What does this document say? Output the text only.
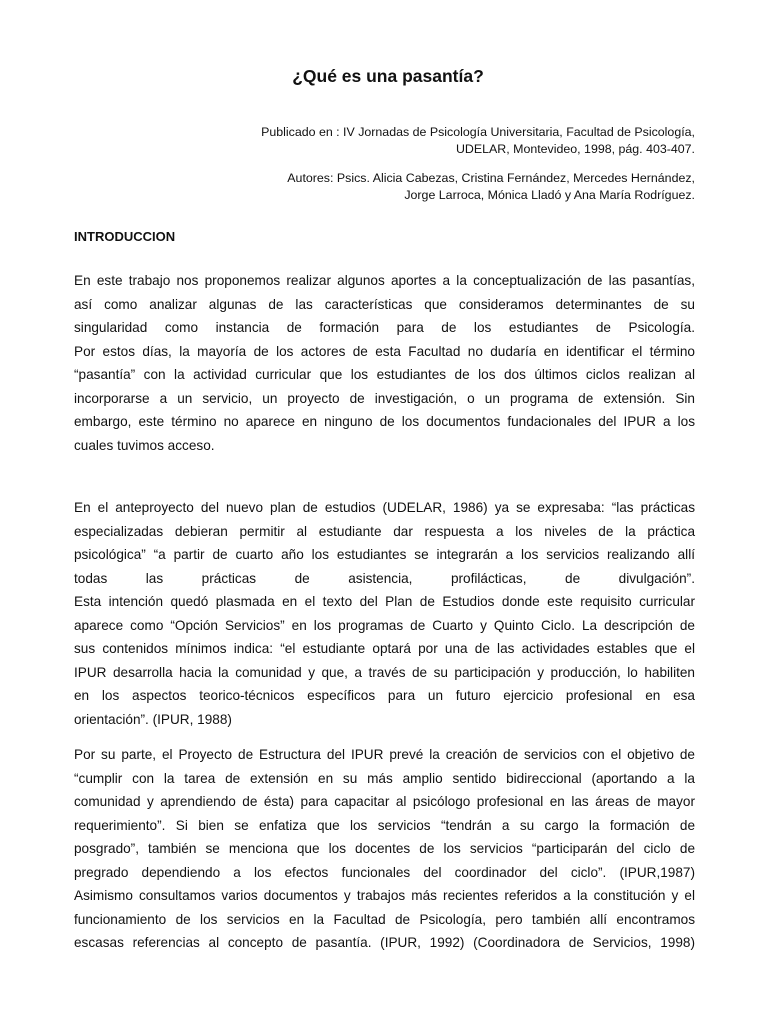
¿Qué es una pasantía?

Publicado en : IV Jornadas de Psicología Universitaria, Facultad de Psicología,
UDELAR, Montevideo, 1998, pág. 403-407.

Autores: Psics. Alicia Cabezas, Cristina Fernández, Mercedes Hernández,
Jorge Larroca, Mónica Lladó y Ana María Rodríguez.

INTRODUCCION

En este trabajo nos proponemos realizar algunos aportes a la conceptualización de las pasantías,
así como analizar algunas de las características que consideramos determinantes de su
singularidad como instancia de formación para de los estudiantes de Psicología.
Por estos días, la mayoría de los actores de esta Facultad no dudaría en identificar el término
“pasantía” con la actividad curricular que los estudiantes de los dos últimos ciclos realizan al
incorporarse a un servicio, un proyecto de investigación, o un programa de extensión. Sin
embargo, este término no aparece en ninguno de los documentos fundacionales del IPUR a los
cuales tuvimos acceso.

En el anteproyecto del nuevo plan de estudios (UDELAR, 1986) ya se expresaba: “las prácticas
especializadas debieran permitir al estudiante dar respuesta a los niveles de la práctica
psicológica” “a partir de cuarto año los estudiantes se integrarán a los servicios realizando allí
todas las prácticas de asistencia, profilácticas, de divulgación”.
Esta intención quedó plasmada en el texto del Plan de Estudios donde este requisito curricular
aparece como “Opción Servicios” en los programas de Cuarto y Quinto Ciclo. La descripción de
sus contenidos mínimos indica: “el estudiante optará por una de las actividades estables que el
IPUR desarrolla hacia la comunidad y que, a través de su participación y producción, lo habiliten
en los aspectos teorico-técnicos específicos para un futuro ejercicio profesional en esa
orientación”. (IPUR, 1988)

Por su parte, el Proyecto de Estructura del IPUR prevé la creación de servicios con el objetivo de
“cumplir con la tarea de extensión en su más amplio sentido bidireccional (aportando a la
comunidad y aprendiendo de ésta) para capacitar al psicólogo profesional en las áreas de mayor
requerimiento”. Si bien se enfatiza que los servicios “tendrán a su cargo la formación de
posgrado”, también se menciona que los docentes de los servicios “participarán del ciclo de
pregrado dependiendo a los efectos funcionales del coordinador del ciclo”. (IPUR,1987)
Asimismo consultamos varios documentos y trabajos más recientes referidos a la constitución y el
funcionamiento de los servicios en la Facultad de Psicología, pero también allí encontramos
escasas referencias al concepto de pasantía. (IPUR, 1992) (Coordinadora de Servicios, 1998)
